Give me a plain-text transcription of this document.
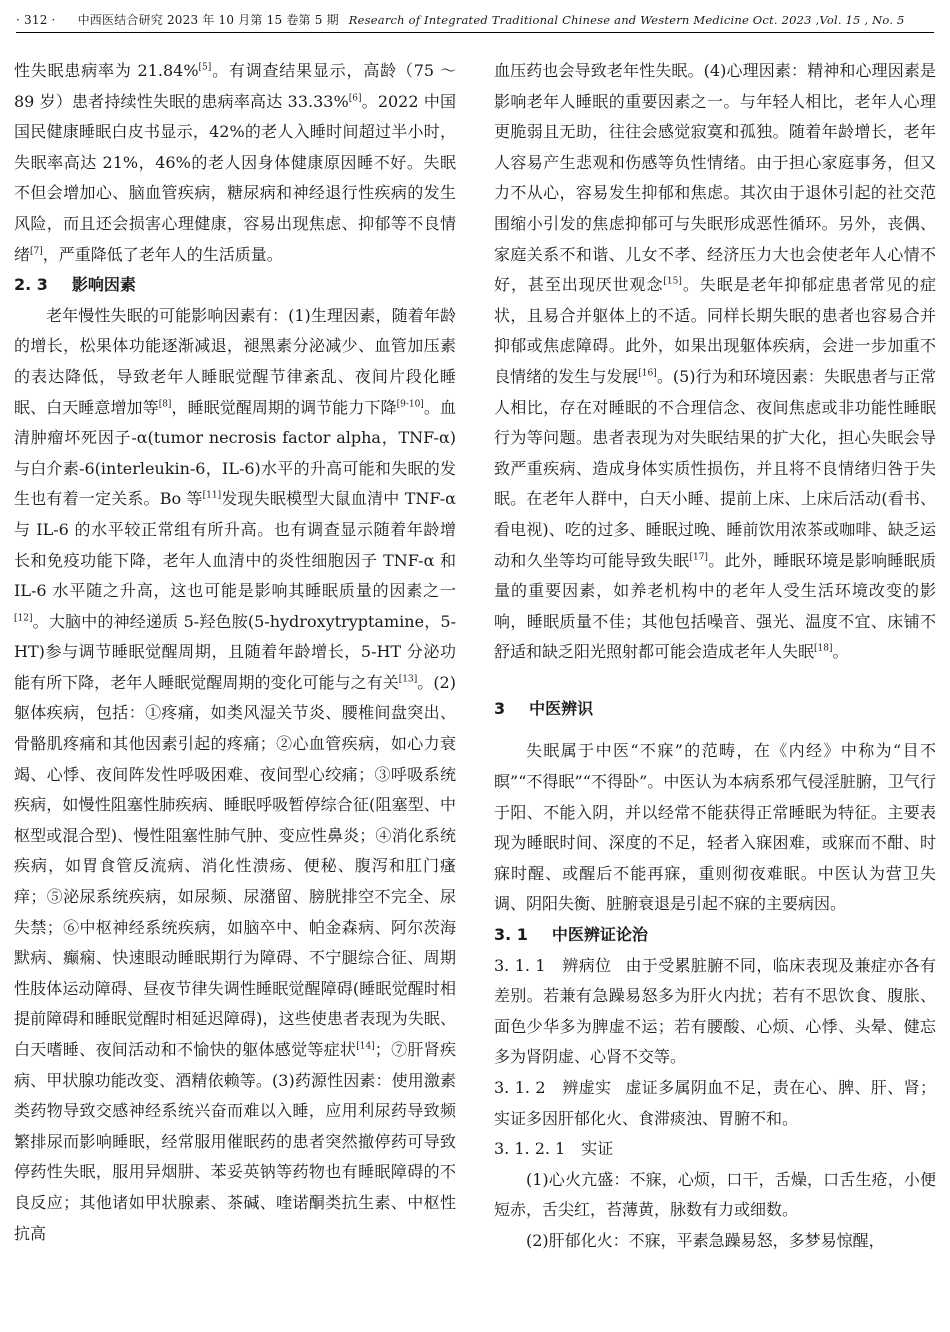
· 312 · 中西医结合研究 2023 年 10 月第 15 卷第 5 期 Research of Integrated Traditional Chinese and Western Medicine Oct. 2023 ,Vol. 15 , No. 5

性失眠患病率为 21.84%[5]。有调查结果显示，高龄（75 ～ 89 岁）患者持续性失眠的患病率高达 33.33%[6]。2022 中国国民健康睡眠白皮书显示，42%的老人入睡时间超过半小时，失眠率高达 21%，46%的老人因身体健康原因睡不好。失眠不但会增加心、脑血管疾病，糖尿病和神经退行性疾病的发生风险，而且还会损害心理健康，容易出现焦虑、抑郁等不良情绪[7]，严重降低了老年人的生活质量。

2. 3 影响因素

老年慢性失眠的可能影响因素有：(1)生理因素，随着年龄的增长，松果体功能逐渐减退，褪黑素分泌减少、血管加压素的表达降低，导致老年人睡眠觉醒节律紊乱、夜间片段化睡眠、白天睡意增加等[8]，睡眠觉醒周期的调节能力下降[9-10]。血清肿瘤坏死因子-α(tumor necrosis factor alpha，TNF-α)与白介素-6(interleukin-6，IL-6)水平的升高可能和失眠的发生也有着一定关系。Bo 等[11]发现失眠模型大鼠血清中 TNF-α 与 IL-6 的水平较正常组有所升高。也有调查显示随着年龄增长和免疫功能下降，老年人血清中的炎性细胞因子 TNF-α 和 IL-6 水平随之升高，这也可能是影响其睡眠质量的因素之一[12]。大脑中的神经递质 5-羟色胺(5-hydroxytryptamine，5-HT)参与调节睡眠觉醒周期，且随着年龄增长，5-HT 分泌功能有所下降，老年人睡眠觉醒周期的变化可能与之有关[13]。(2)躯体疾病，包括：①疼痛，如类风湿关节炎、腰椎间盘突出、骨骼肌疼痛和其他因素引起的疼痛；②心血管疾病，如心力衰竭、心悸、夜间阵发性呼吸困难、夜间型心绞痛；③呼吸系统疾病，如慢性阻塞性肺疾病、睡眠呼吸暂停综合征(阻塞型、中枢型或混合型)、慢性阻塞性肺气肿、变应性鼻炎；④消化系统疾病，如胃食管反流病、消化性溃疡、便秘、腹泻和肛门瘙痒；⑤泌尿系统疾病，如尿频、尿潴留、膀胱排空不完全、尿失禁；⑥中枢神经系统疾病，如脑卒中、帕金森病、阿尔茨海默病、癫痫、快速眼动睡眠期行为障碍、不宁腿综合征、周期性肢体运动障碍、昼夜节律失调性睡眠觉醒障碍(睡眠觉醒时相提前障碍和睡眠觉醒时相延迟障碍)，这些使患者表现为失眠、白天嗜睡、夜间活动和不愉快的躯体感觉等症状[14]；⑦肝肾疾病、甲状腺功能改变、酒精依赖等。(3)药源性因素：使用激素类药物导致交感神经系统兴奋而难以入睡，应用利尿药导致频繁排尿而影响睡眠，经常服用催眠药的患者突然撤停药可导致停药性失眠，服用异烟肼、苯妥英钠等药物也有睡眠障碍的不良反应；其他诸如甲状腺素、茶碱、喹诺酮类抗生素、中枢性抗高

血压药也会导致老年性失眠。(4)心理因素：精神和心理因素是影响老年人睡眠的重要因素之一。与年轻人相比，老年人心理更脆弱且无助，往往会感觉寂寞和孤独。随着年龄增长，老年人容易产生悲观和伤感等负性情绪。由于担心家庭事务，但又力不从心，容易发生抑郁和焦虑。其次由于退休引起的社交范围缩小引发的焦虑抑郁可与失眠形成恶性循环。另外，丧偶、家庭关系不和谐、儿女不孝、经济压力大也会使老年人心情不好，甚至出现厌世观念[15]。失眠是老年抑郁症患者常见的症状，且易合并躯体上的不适。同样长期失眠的患者也容易合并抑郁或焦虑障碍。此外，如果出现躯体疾病，会进一步加重不良情绪的发生与发展[16]。(5)行为和环境因素：失眠患者与正常人相比，存在对睡眠的不合理信念、夜间焦虑或非功能性睡眠行为等问题。患者表现为对失眠结果的扩大化，担心失眠会导致严重疾病、造成身体实质性损伤，并且将不良情绪归咎于失眠。在老年人群中，白天小睡、提前上床、上床后活动(看书、看电视)、吃的过多、睡眠过晚、睡前饮用浓茶或咖啡、缺乏运动和久坐等均可能导致失眠[17]。此外，睡眠环境是影响睡眠质量的重要因素，如养老机构中的老年人受生活环境改变的影响，睡眠质量不佳；其他包括噪音、强光、温度不宜、床铺不舒适和缺乏阳光照射都可能会造成老年人失眠[18]。

3 中医辨识

失眠属于中医“不寐”的范畴，在《内经》中称为“目不瞑”“不得眠”“不得卧”。中医认为本病系邪气侵淫脏腑，卫气行于阳、不能入阴，并以经常不能获得正常睡眠为特征。主要表现为睡眠时间、深度的不足，轻者入寐困难，或寐而不酣、时寐时醒、或醒后不能再寐，重则彻夜难眠。中医认为营卫失调、阴阳失衡、脏腑衰退是引起不寐的主要病因。

3. 1 中医辨证论治

3. 1. 1　辨病位 由于受累脏腑不同，临床表现及兼症亦各有差别。若兼有急躁易怒多为肝火内扰；若有不思饮食、腹胀、面色少华多为脾虚不运；若有腰酸、心烦、心悸、头晕、健忘多为肾阴虚、心肾不交等。

3. 1. 2　辨虚实 虚证多属阴血不足，责在心、脾、肝、肾；实证多因肝郁化火、食滞痰浊、胃腑不和。

3. 1. 2. 1　实证

(1)心火亢盛：不寐，心烦，口干，舌燥，口舌生疮，小便短赤，舌尖红，苔薄黄，脉数有力或细数。

(2)肝郁化火：不寐，平素急躁易怒，多梦易惊醒，
